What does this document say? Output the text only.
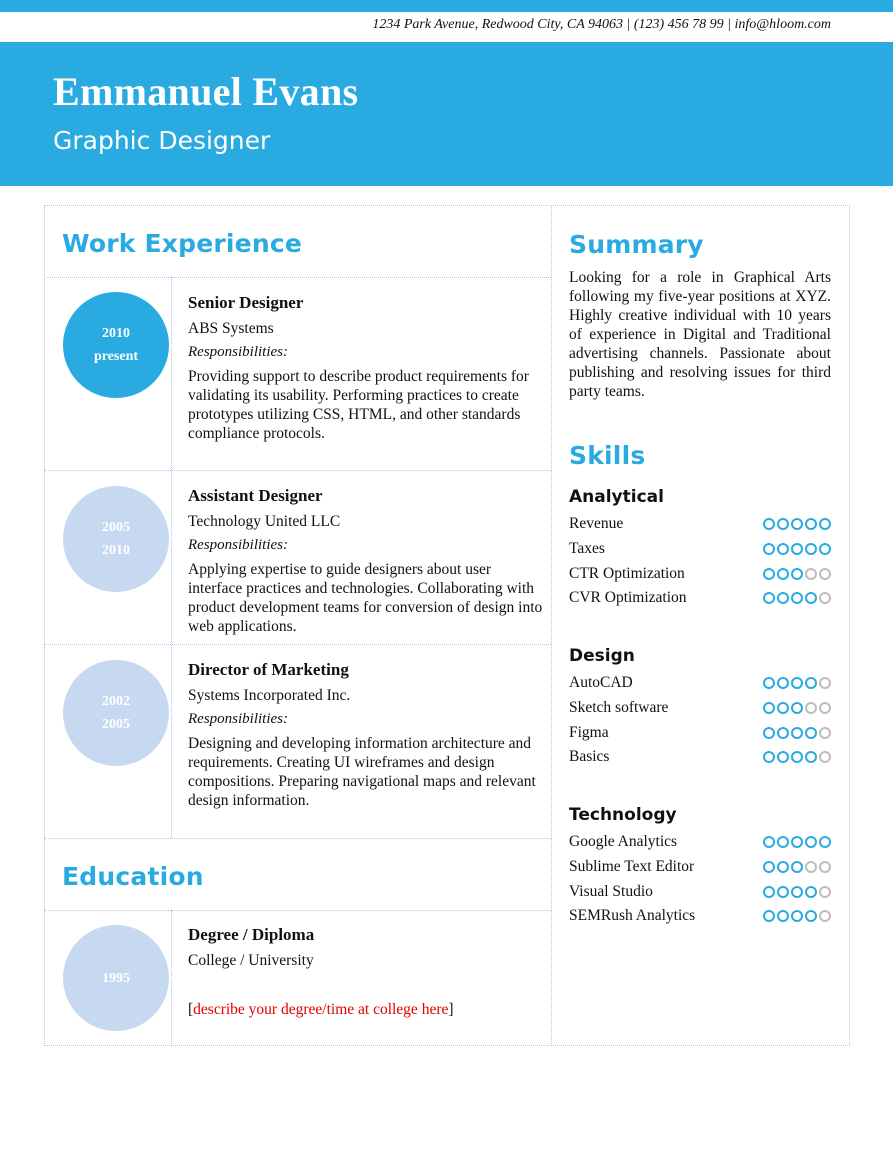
1234 Park Avenue, Redwood City, CA 94063 | (123) 456 78 99 | info@hloom.com
Emmanuel Evans
Graphic Designer
Work Experience
2010
present
Senior Designer
ABS Systems
Responsibilities:
Providing support to describe product requirements for validating its usability. Performing practices to create prototypes utilizing CSS, HTML, and other standards compliance protocols.
2005
2010
Assistant Designer
Technology United LLC
Responsibilities:
Applying expertise to guide designers about user interface practices and technologies. Collaborating with product development teams for conversion of design into web applications.
2002
2005
Director of Marketing
Systems Incorporated Inc.
Responsibilities:
Designing and developing information architecture and requirements. Creating UI wireframes and design compositions. Preparing navigational maps and relevant design information.
Education
1995
Degree / Diploma
College / University
[describe your degree/time at college here]
Summary
Looking for a role in Graphical Arts following my five-year positions at XYZ. Highly creative individual with 10 years of experience in Digital and Traditional advertising channels. Passionate about publishing and resolving issues for third party teams.
Skills
Analytical
Revenue
Taxes
CTR Optimization
CVR Optimization
Design
AutoCAD
Sketch software
Figma
Basics
Technology
Google Analytics
Sublime Text Editor
Visual Studio
SEMRush Analytics
